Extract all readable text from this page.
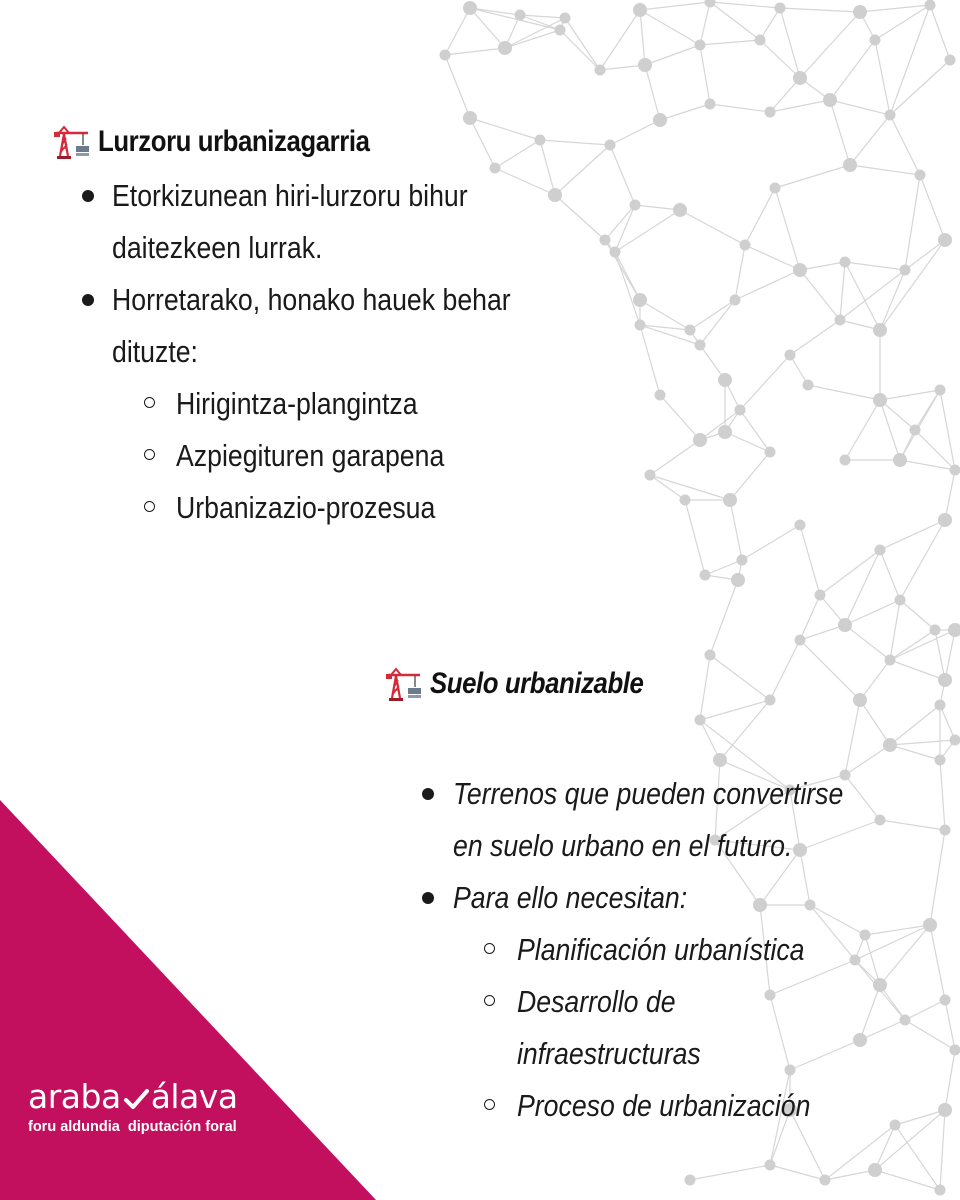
Lurzoru urbanizagarria
Etorkizunean hiri-lurzoru bihur
daitezkeen lurrak.
Horretarako, honako hauek behar
dituzte:
Hirigintza-plangintza
Azpiegituren garapena
Urbanizazio-prozesua
Suelo urbanizable
Terrenos que pueden convertirse
en suelo urbano en el futuro.
Para ello necesitan:
Planificación urbanística
Desarrollo de
infraestructuras
Proceso de urbanización
araba álava
foru aldundia diputación foral
